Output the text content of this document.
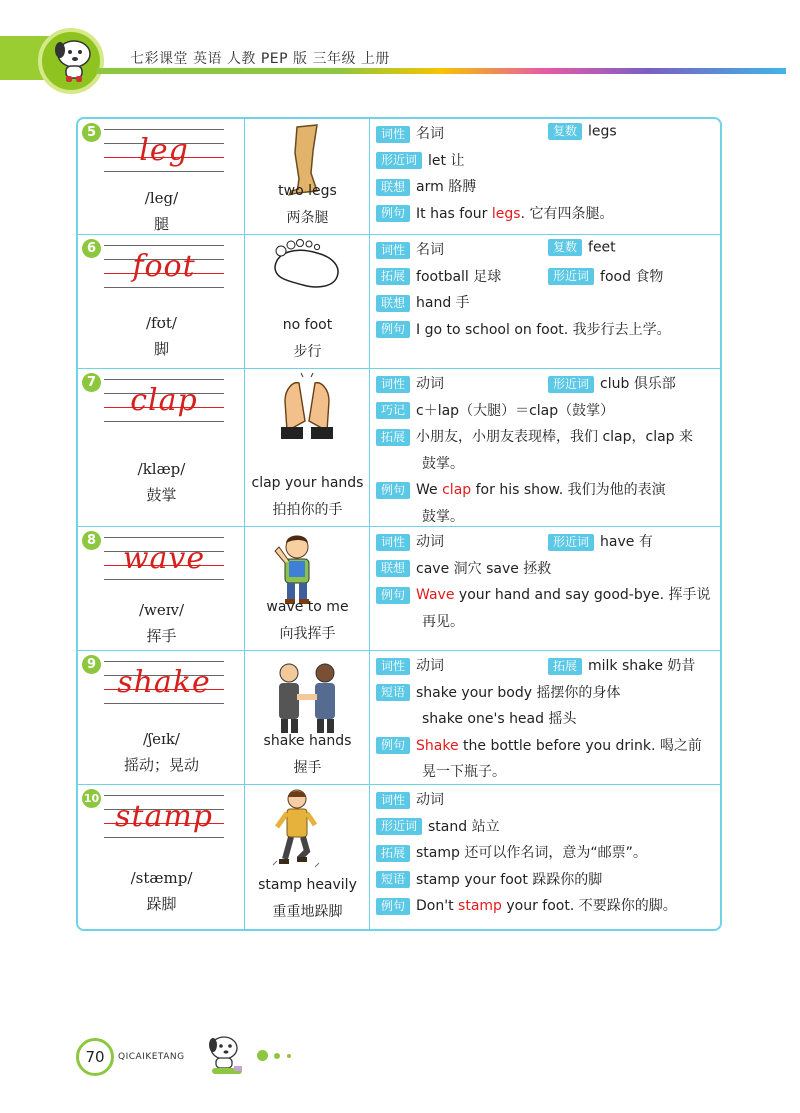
七彩课堂 英语 人教 PEP 版 三年级 上册
5
leg
/leg/
腿
two legs
两条腿
词性 名词	复数 legs
形近词 let 让
联想 arm 胳膊
例句 It has four legs. 它有四条腿。
6
foot
/fʊt/
脚
no foot
步行
词性 名词	复数 feet
拓展 football 足球	形近词 food 食物
联想 hand 手
例句 I go to school on foot. 我步行去上学。
7
clap
/klæp/
鼓掌
clap your hands
拍拍你的手
词性 动词	形近词 club 俱乐部
巧记 c＋lap（大腿）＝clap（鼓掌）
拓展 小朋友，小朋友表现棒，我们 clap，clap 来
鼓掌。
例句 We clap for his show. 我们为他的表演
鼓掌。
8
wave
/weɪv/
挥手
wave to me
向我挥手
词性 动词	形近词 have 有
联想 cave 洞穴 save 拯救
例句 Wave your hand and say good-bye. 挥手说
再见。
9
shake
/ʃeɪk/
摇动；晃动
shake hands
握手
词性 动词	拓展 milk shake 奶昔
短语 shake your body 摇摆你的身体
shake one's head 摇头
例句 Shake the bottle before you drink. 喝之前
晃一下瓶子。
10
stamp
/stæmp/
跺脚
stamp heavily
重重地跺脚
词性 动词
形近词 stand 站立
拓展 stamp 还可以作名词，意为“邮票”。
短语 stamp your foot 跺跺你的脚
例句 Don't stamp your foot. 不要跺你的脚。
70	QICAIKETANG
